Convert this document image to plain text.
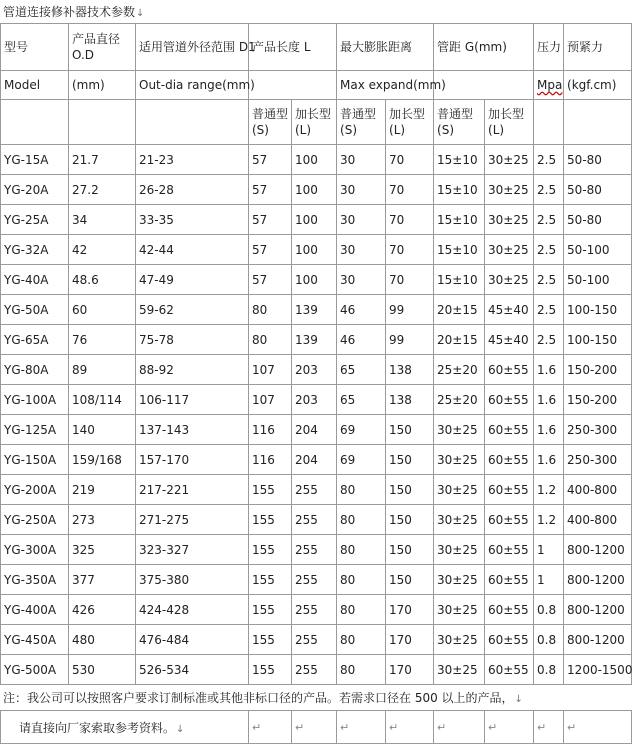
管道连接修补器技术参数↓
型号	产品直径O.D	适用管道外径范围 D1	产品长度 L		最大膨胀距离		管距 G(mm)		压力	预紧力
Model	(mm)	Out-dia range(mm)			Max expand(mm)				Mpa	(kgf.cm)
			普通型(S)	加长型(L)	普通型(S)	加长型(L)	普通型(S)	加长型(L)		
YG-15A	21.7	21-23	57	100	30	70	15±10	30±25	2.5	50-80
YG-20A	27.2	26-28	57	100	30	70	15±10	30±25	2.5	50-80
YG-25A	34	33-35	57	100	30	70	15±10	30±25	2.5	50-80
YG-32A	42	42-44	57	100	30	70	15±10	30±25	2.5	50-100
YG-40A	48.6	47-49	57	100	30	70	15±10	30±25	2.5	50-100
YG-50A	60	59-62	80	139	46	99	20±15	45±40	2.5	100-150
YG-65A	76	75-78	80	139	46	99	20±15	45±40	2.5	100-150
YG-80A	89	88-92	107	203	65	138	25±20	60±55	1.6	150-200
YG-100A	108/114	106-117	107	203	65	138	25±20	60±55	1.6	150-200
YG-125A	140	137-143	116	204	69	150	30±25	60±55	1.6	250-300
YG-150A	159/168	157-170	116	204	69	150	30±25	60±55	1.6	250-300
YG-200A	219	217-221	155	255	80	150	30±25	60±55	1.2	400-800
YG-250A	273	271-275	155	255	80	150	30±25	60±55	1.2	400-800
YG-300A	325	323-327	155	255	80	150	30±25	60±55	1	800-1200
YG-350A	377	375-380	155	255	80	150	30±25	60±55	1	800-1200
YG-400A	426	424-428	155	255	80	170	30±25	60±55	0.8	800-1200
YG-450A	480	476-484	155	255	80	170	30±25	60±55	0.8	800-1200
YG-500A	530	526-534	155	255	80	170	30±25	60±55	0.8	1200-1500
注：我公司可以按照客户要求订制标准或其他非标口径的产品。若需求口径在 500 以上的产品，↓
请直接向厂家索取参考资料。↓	↵	↵	↵	↵	↵	↵	↵	↵
